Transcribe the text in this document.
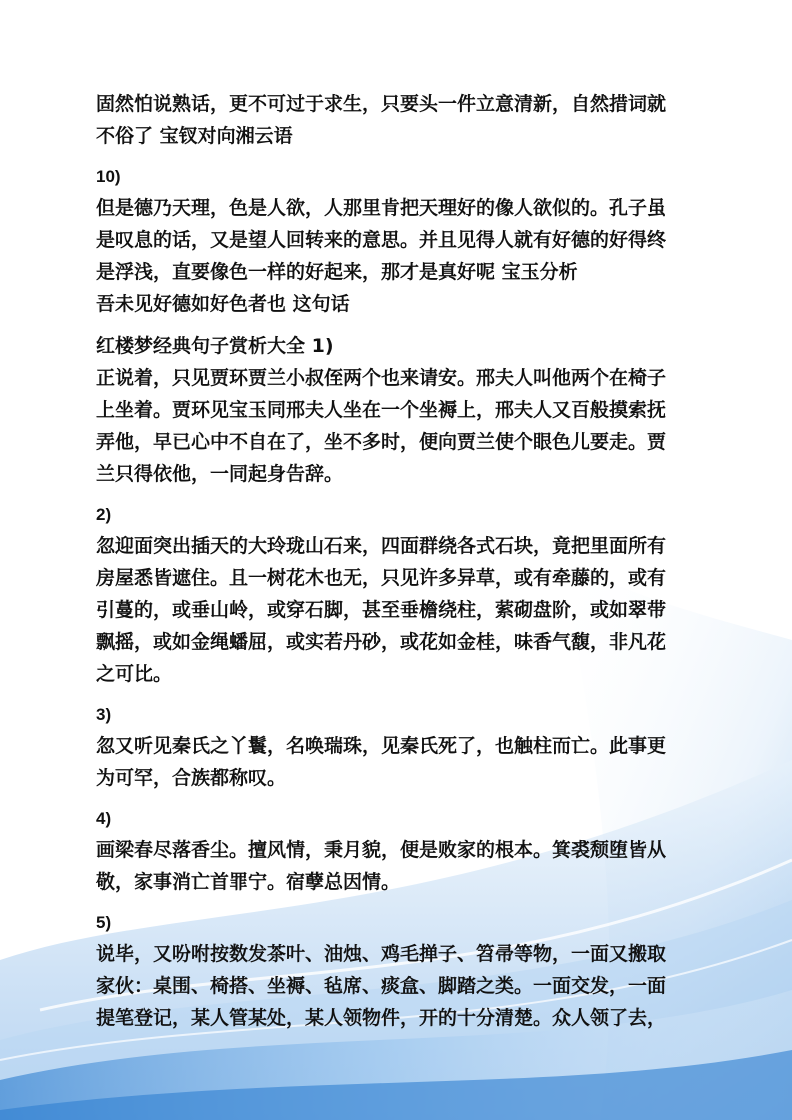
固然怕说熟话，更不可过于求生，只要头一件立意清新，自然措词就
不俗了 宝钗对向湘云语

10)
但是德乃天理，色是人欲，人那里肯把天理好的像人欲似的。孔子虽
是叹息的话，又是望人回转来的意思。并且见得人就有好德的好得终
是浮浅，直要像色一样的好起来，那才是真好呢 宝玉分析
吾未见好德如好色者也 这句话

红楼梦经典句子赏析大全 1)
正说着，只见贾环贾兰小叔侄两个也来请安。邢夫人叫他两个在椅子
上坐着。贾环见宝玉同邢夫人坐在一个坐褥上，邢夫人又百般摸索抚
弄他，早已心中不自在了，坐不多时，便向贾兰使个眼色儿要走。贾
兰只得依他，一同起身告辞。

2)
忽迎面突出插天的大玲珑山石来，四面群绕各式石块，竟把里面所有
房屋悉皆遮住。且一树花木也无，只见许多异草，或有牵藤的，或有
引蔓的，或垂山岭，或穿石脚，甚至垂檐绕柱，萦砌盘阶，或如翠带
飘摇，或如金绳蟠屈，或实若丹砂，或花如金桂，味香气馥，非凡花
之可比。

3)
忽又听见秦氏之丫鬟，名唤瑞珠，见秦氏死了，也触柱而亡。此事更
为可罕，合族都称叹。

4)
画梁春尽落香尘。擅风情，秉月貌，便是败家的根本。箕裘颓堕皆从
敬，家事消亡首罪宁。宿孽总因情。

5)
说毕，又吩咐按数发茶叶、油烛、鸡毛掸子、笤帚等物，一面又搬取
家伙：桌围、椅搭、坐褥、毡席、痰盒、脚踏之类。一面交发，一面
提笔登记，某人管某处，某人领物件，开的十分清楚。众人领了去，
